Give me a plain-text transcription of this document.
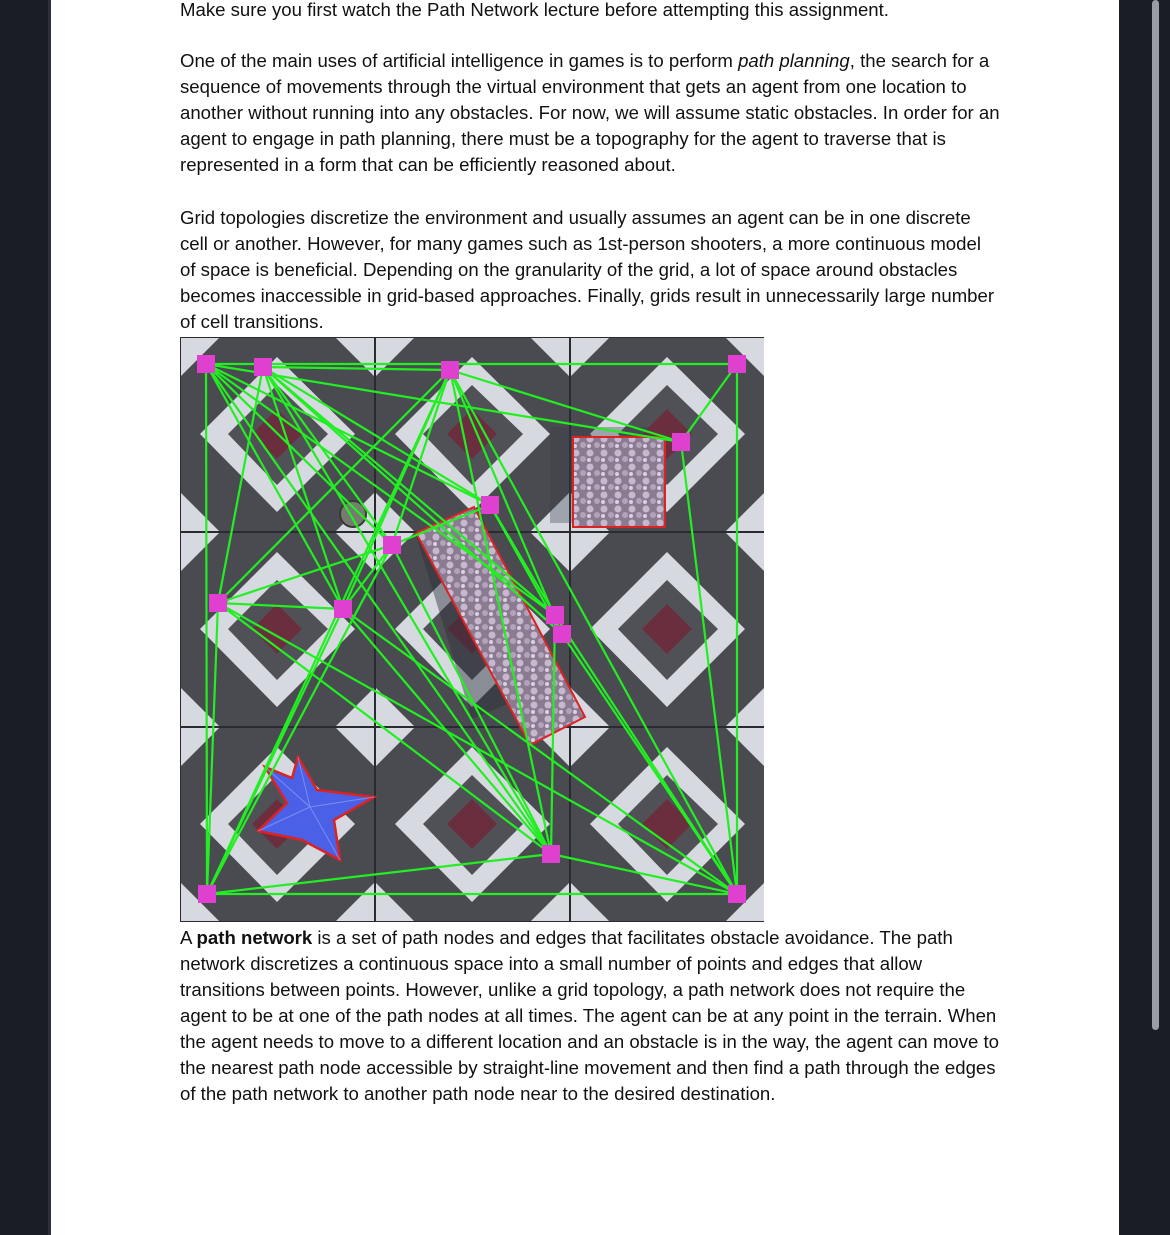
Make sure you first watch the Path Network lecture before attempting this assignment.

One of the main uses of artificial intelligence in games is to perform path planning, the search for a sequence of movements through the virtual environment that gets an agent from one location to another without running into any obstacles. For now, we will assume static obstacles. In order for an agent to engage in path planning, there must be a topography for the agent to traverse that is represented in a form that can be efficiently reasoned about.

Grid topologies discretize the environment and usually assumes an agent can be in one discrete cell or another. However, for many games such as 1st-person shooters, a more continuous model of space is beneficial. Depending on the granularity of the grid, a lot of space around obstacles becomes inaccessible in grid-based approaches. Finally, grids result in unnecessarily large number of cell transitions.

A path network is a set of path nodes and edges that facilitates obstacle avoidance. The path network discretizes a continuous space into a small number of points and edges that allow transitions between points. However, unlike a grid topology, a path network does not require the agent to be at one of the path nodes at all times. The agent can be at any point in the terrain. When the agent needs to move to a different location and an obstacle is in the way, the agent can move to the nearest path node accessible by straight-line movement and then find a path through the edges of the path network to another path node near to the desired destination.
